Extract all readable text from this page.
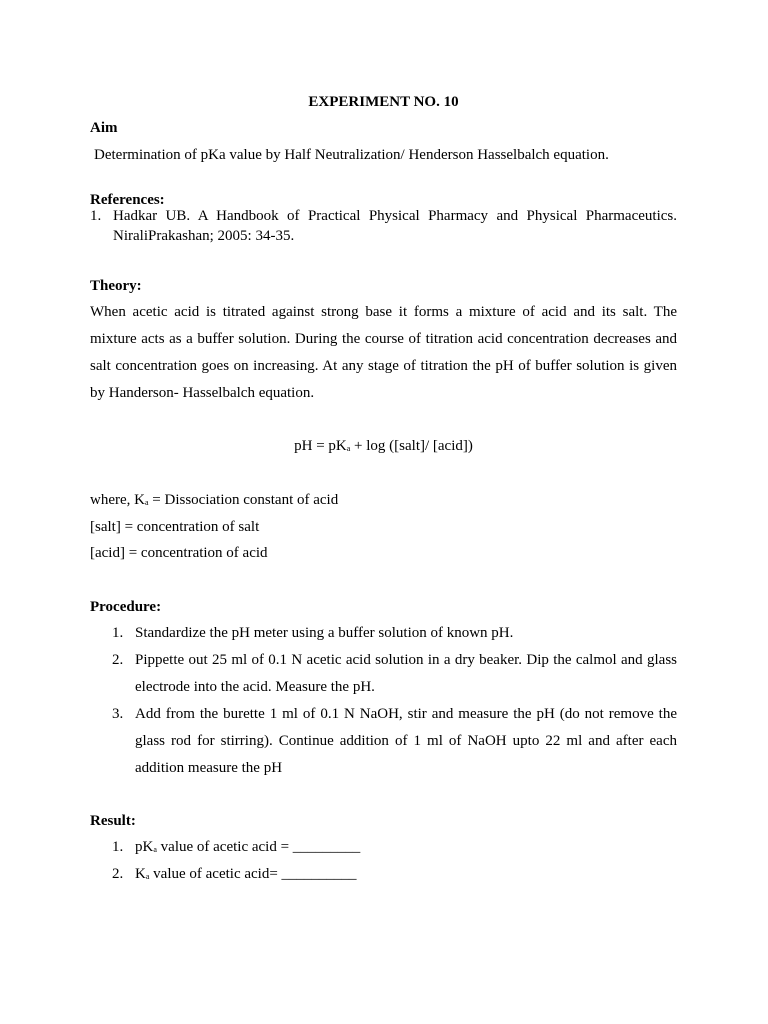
EXPERIMENT NO. 10
Aim
Determination of pKa value by Half Neutralization/ Henderson Hasselbalch equation.
References:
1. Hadkar UB. A Handbook of Practical Physical Pharmacy and Physical Pharmaceutics.
NiraliPrakashan; 2005: 34-35.
Theory:
When acetic acid is titrated against strong base it forms a mixture of acid and its salt. The
mixture acts as a buffer solution. During the course of titration acid concentration decreases and
salt concentration goes on increasing. At any stage of titration the pH of buffer solution is given
by Handerson- Hasselbalch equation.
pH = $pK_a + \log$ ([salt]/ [acid])
where, $K_a$ = Dissociation constant of acid
[salt] = concentration of salt
[acid] = concentration of acid
Procedure:
1. Standardize the pH meter using a buffer solution of known pH.
2. Pippette out 25 ml of 0.1 N acetic acid solution in a dry beaker. Dip the calmol and glass
electrode into the acid. Measure the pH.
3. Add from the burette 1 ml of 0.1 N NaOH, stir and measure the pH (do not remove the
glass rod for stirring). Continue addition of 1 ml of NaOH upto 22 ml and after each
addition measure the pH
Result:
1. $pK_a$ value of acetic acid = _________
2. $K_a$ value of acetic acid= __________
